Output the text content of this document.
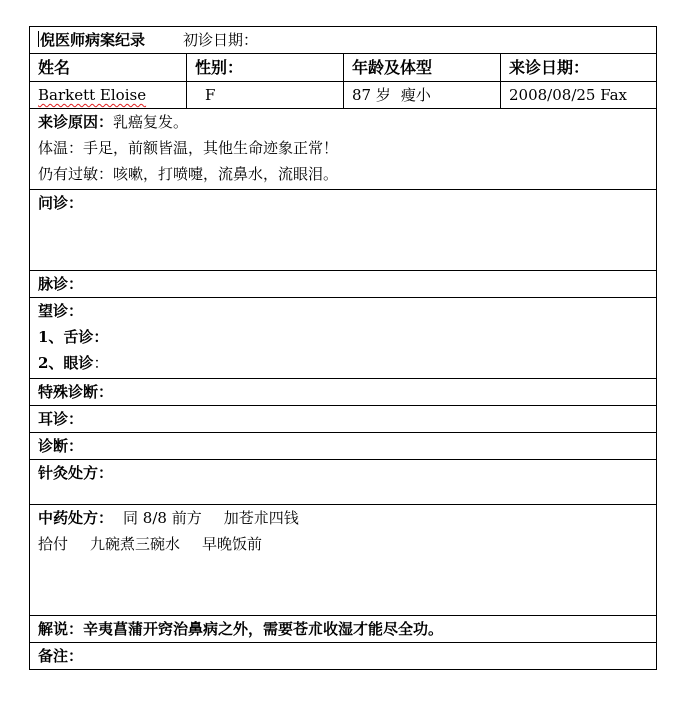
倪医师病案纪录 初诊日期：			
姓名	性别：	年龄及体型	来诊日期：
Barkett Eloise	F	87 岁 瘦小	2008/08/25 Fax

来诊原因：乳癌复发。
体温：手足，前额皆温，其他生命迹象正常！
仍有过敏：咳嗽，打喷嚏，流鼻水，流眼泪。			

问诊：			
脉诊：			

望诊：
1、舌诊：
2、眼诊：			

特殊诊断：			
耳诊：			
诊断：			
针灸处方：			

中药处方： 同 8/8 前方 加苍朮四钱
拾付 九碗煮三碗水 早晚饭前			

解说：辛夷菖蒲开窍治鼻病之外，需要苍朮收湿才能尽全功。			
备注：			
